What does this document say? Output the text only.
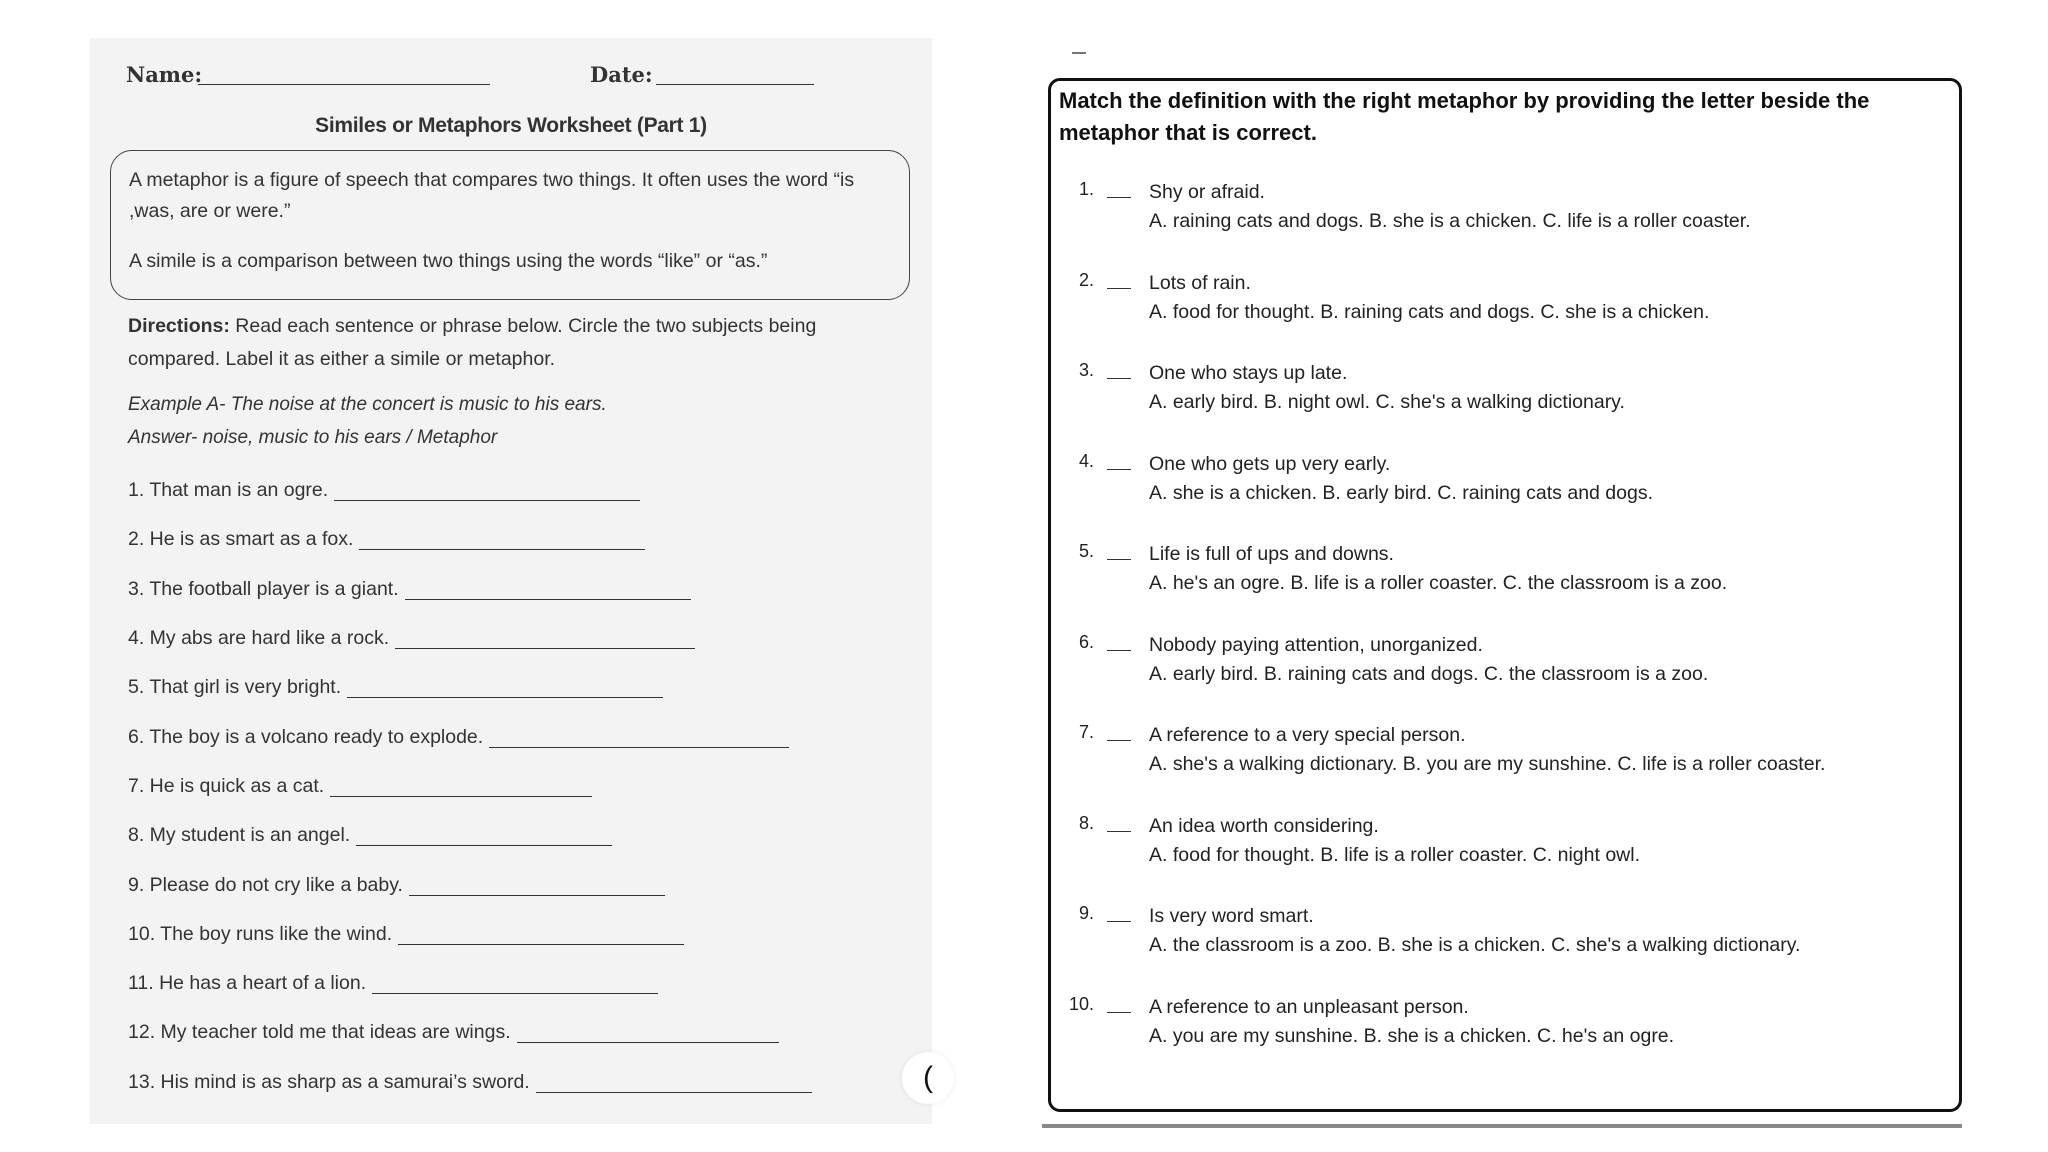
Name:	Date:
Similes or Metaphors Worksheet (Part 1)

A metaphor is a figure of speech that compares two things. It often uses the word “is ,was, are or were.”

A simile is a comparison between two things using the words “like” or “as.”

Directions: Read each sentence or phrase below. Circle the two subjects being compared. Label it as either a simile or metaphor.
Example A- The noise at the concert is music to his ears.
Answer- noise, music to his ears / Metaphor
1. That man is an ogre.
2. He is as smart as a fox.
3. The football player is a giant.
4. My abs are hard like a rock.
5. That girl is very bright.
6. The boy is a volcano ready to explode.
7. He is quick as a cat.
8. My student is an angel.
9. Please do not cry like a baby.
10. The boy runs like the wind.
11. He has a heart of a lion.
12. My teacher told me that ideas are wings.
13. His mind is as sharp as a samurai’s sword.	(
Match the definition with the right metaphor by providing the letter beside the metaphor that is correct.
1.	Shy or afraid.
A. raining cats and dogs. B. she is a chicken. C. life is a roller coaster.
2.	Lots of rain.
A. food for thought. B. raining cats and dogs. C. she is a chicken.
3.	One who stays up late.
A. early bird. B. night owl. C. she's a walking dictionary.
4.	One who gets up very early.
A. she is a chicken. B. early bird. C. raining cats and dogs.
5.	Life is full of ups and downs.
A. he's an ogre. B. life is a roller coaster. C. the classroom is a zoo.
6.	Nobody paying attention, unorganized.
A. early bird. B. raining cats and dogs. C. the classroom is a zoo.
7.	A reference to a very special person.
A. she's a walking dictionary. B. you are my sunshine. C. life is a roller coaster.
8.	An idea worth considering.
A. food for thought. B. life is a roller coaster. C. night owl.
9.	Is very word smart.
A. the classroom is a zoo. B. she is a chicken. C. she's a walking dictionary.
10.	A reference to an unpleasant person.
A. you are my sunshine. B. she is a chicken. C. he's an ogre.
